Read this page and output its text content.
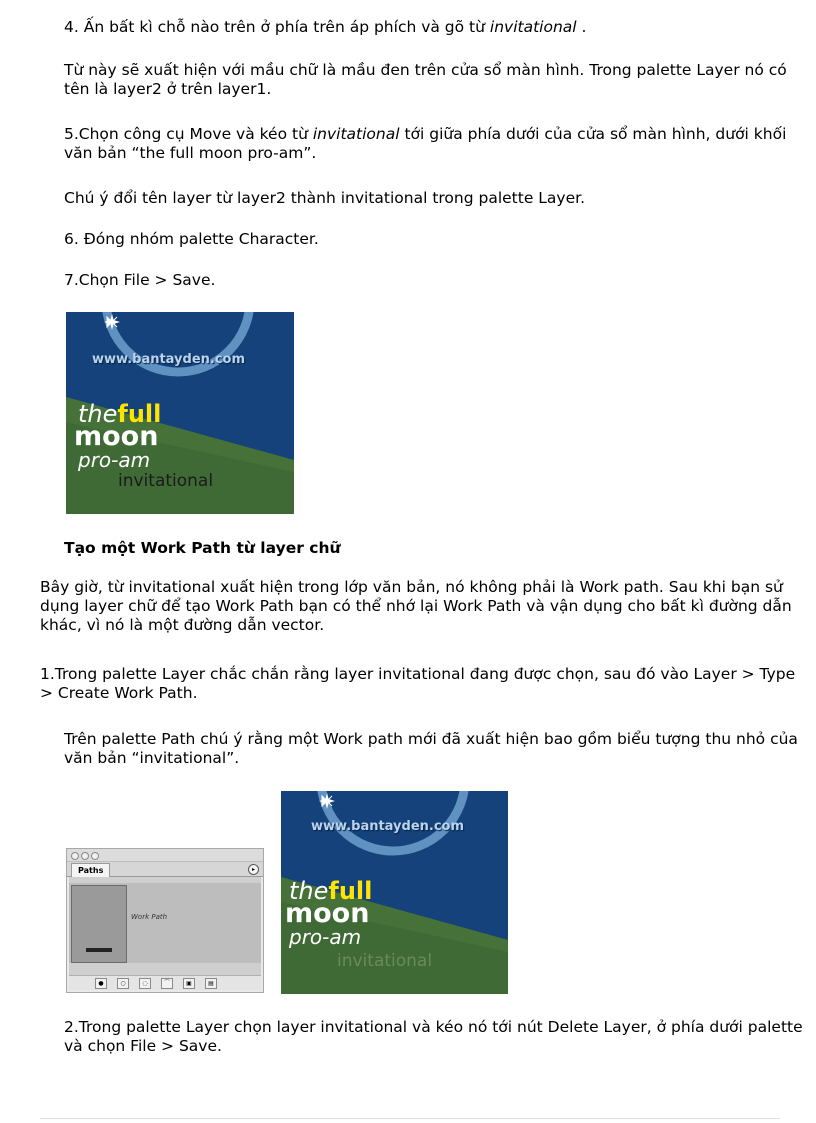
4. Ấn bất kì chỗ nào trên ở phía trên áp phích và gõ từ invitational .

Từ này sẽ xuất hiện với mầu chữ là mầu đen trên cửa sổ màn hình. Trong palette Layer nó có tên là layer2 ở trên layer1.

5.Chọn công cụ Move và kéo từ invitational tới giữa phía dưới của cửa sổ màn hình, dưới khối văn bản “the full moon pro-am”.

Chú ý đổi tên layer từ layer2 thành invitational trong palette Layer.

6. Đóng nhóm palette Character.

7.Chọn File > Save.

www.bantayden.com
thefull
moon
pro-am
invitational

Tạo một Work Path từ layer chữ

Bây giờ, từ invitational xuất hiện trong lớp văn bản, nó không phải là Work path. Sau khi bạn sử dụng layer chữ để tạo Work Path bạn có thể nhớ lại Work Path và vận dụng cho bất kì đường dẫn khác, vì nó là một đường dẫn vector.

1.Trong palette Layer chắc chắn rằng layer invitational đang được chọn, sau đó vào Layer > Type > Create Work Path.

Trên palette Path chú ý rằng một Work path mới đã xuất hiện bao gồm biểu tượng thu nhỏ của văn bản “invitational”.

Paths	▸
Work Path
●	○	◌	⌒	▣	▤
www.bantayden.com
thefull
moon
pro-am
invitational

2.Trong palette Layer chọn layer invitational và kéo nó tới nút Delete Layer, ở phía dưới palette và chọn File > Save.
